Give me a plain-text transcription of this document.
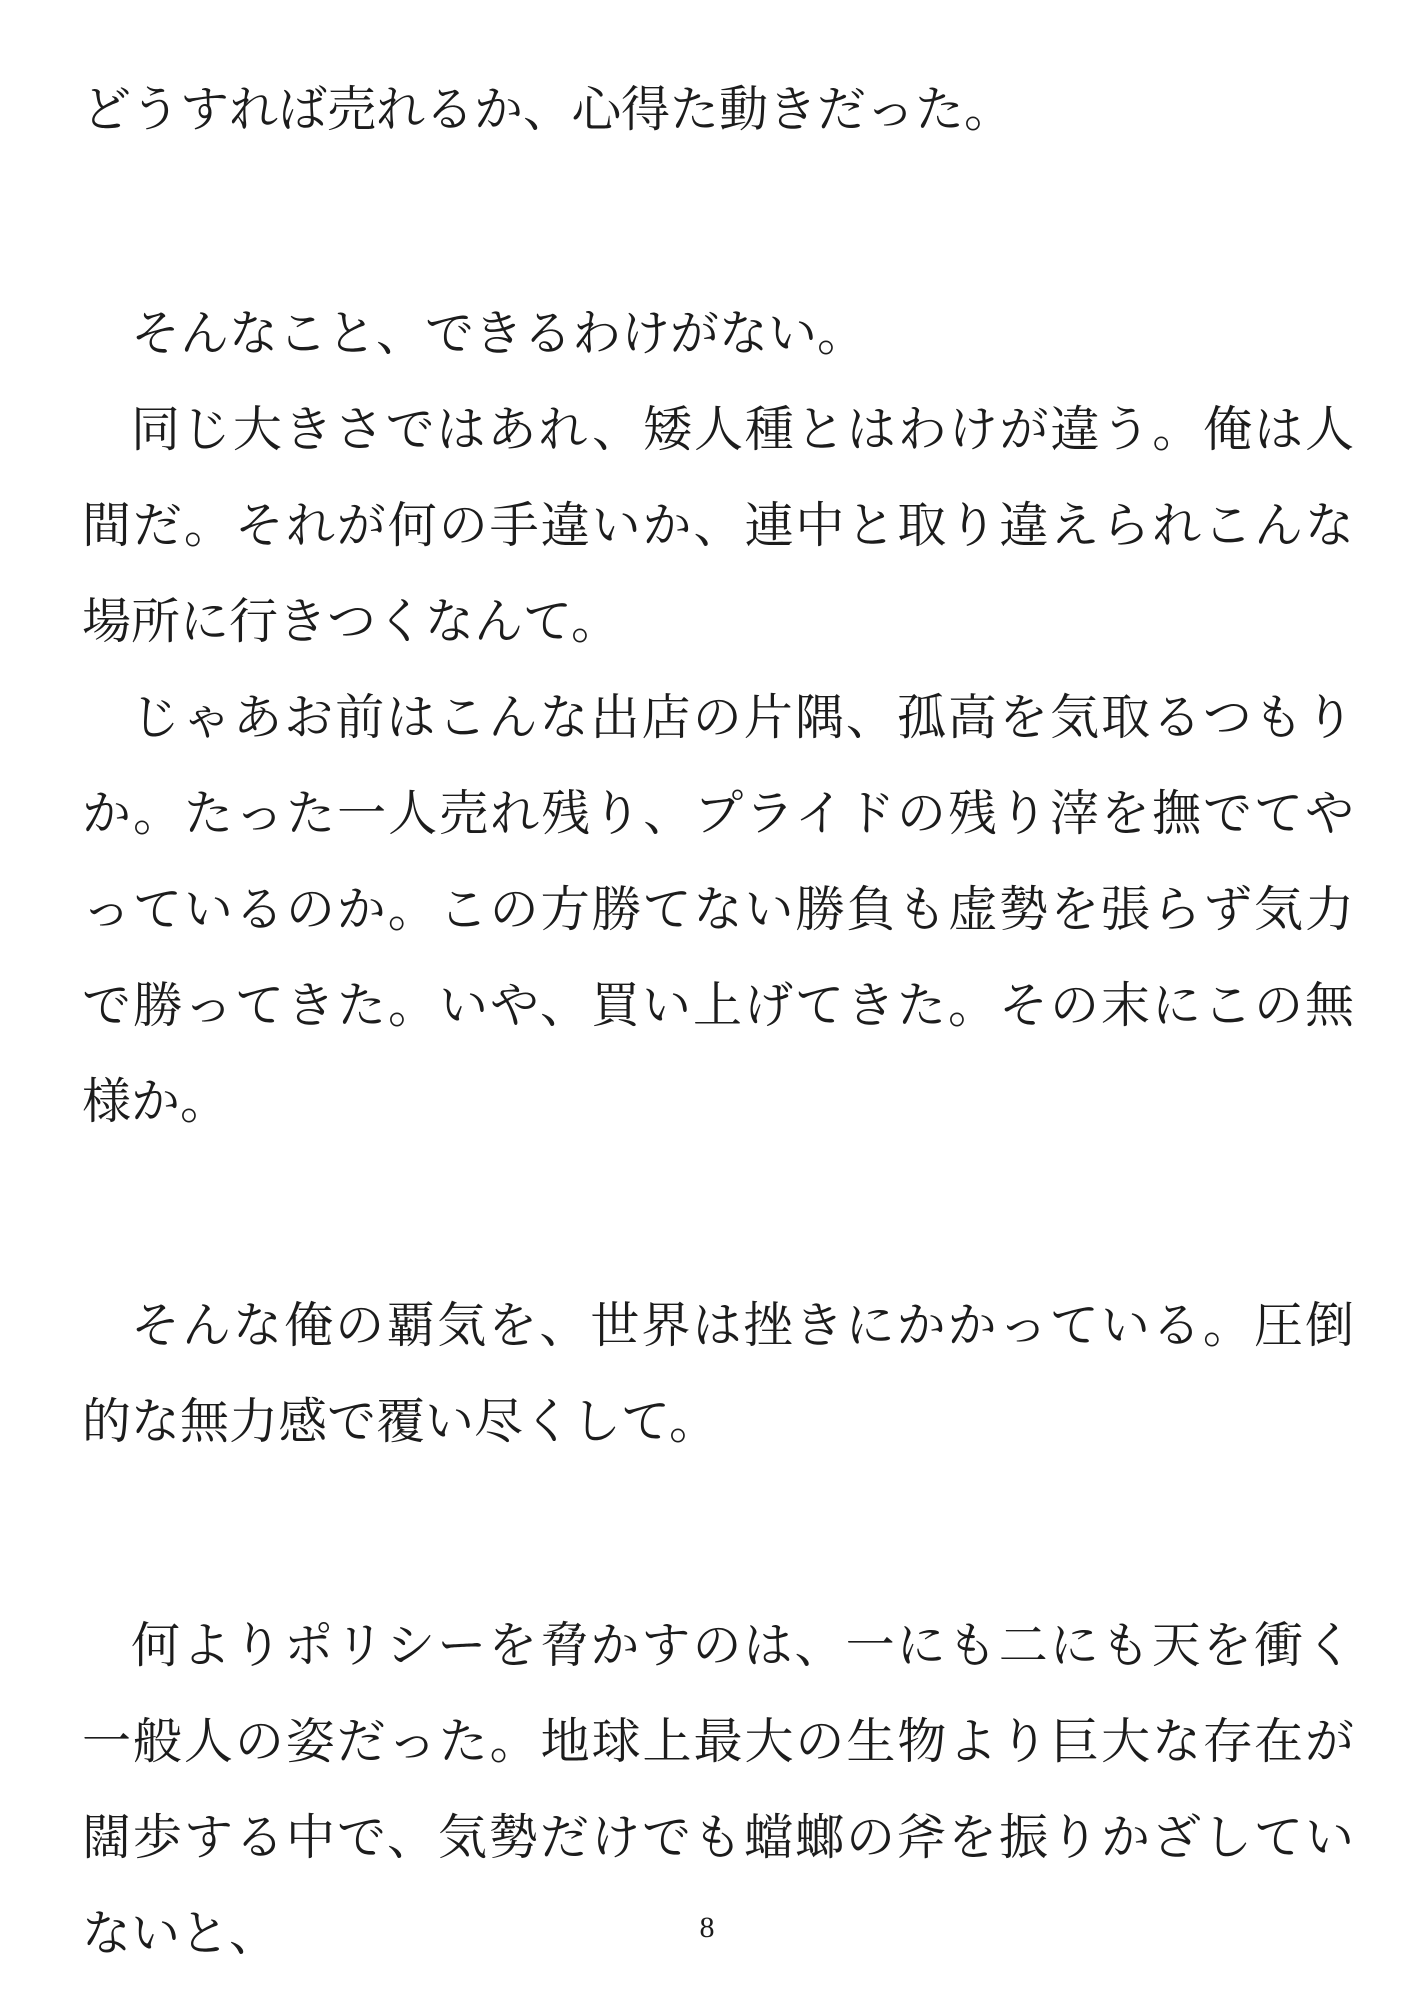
どうすれば売れるか、心得た動きだった。

そんなこと、できるわけがない。

同じ大きさではあれ、矮人種とはわけが違う。俺は人間だ。それが何の手違いか、連中と取り違えられこんな場所に行きつくなんて。

じゃあお前はこんな出店の片隅、孤高を気取るつもりか。たった一人売れ残り、プライドの残り滓を撫でてやっているのか。この方勝てない勝負も虚勢を張らず気力で勝ってきた。いや、買い上げてきた。その末にこの無様か。

そんな俺の覇気を、世界は挫きにかかっている。圧倒的な無力感で覆い尽くして。

何よりポリシーを脅かすのは、一にも二にも天を衝く一般人の姿だった。地球上最大の生物より巨大な存在が闊歩する中で、気勢だけでも蟷螂の斧を振りかざしていないと、	8
